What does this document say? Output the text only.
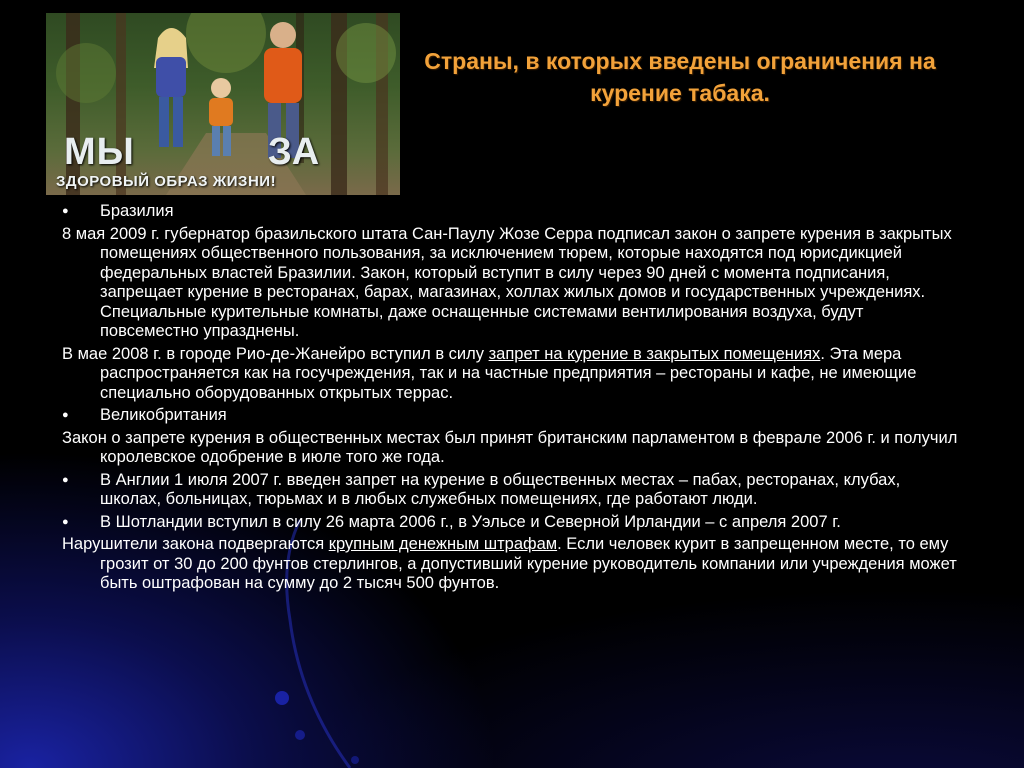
МЫ	ЗА
ЗДОРОВЫЙ ОБРАЗ ЖИЗНИ!
Страны, в которых введены ограничения на курение табака.
● Бразилия
8 мая 2009 г. губернатор бразильского штата Сан-Паулу Жозе Серра подписал закон о запрете курения в закрытых помещениях общественного пользования, за исключением тюрем, которые находятся под юрисдикцией федеральных властей Бразилии. Закон, который вступит в силу через 90 дней с момента подписания, запрещает курение в ресторанах, барах, магазинах, холлах жилых домов и государственных учреждениях. Специальные курительные комнаты, даже оснащенные системами вентилирования воздуха, будут повсеместно упразднены.
В мае 2008 г. в городе Рио-де-Жанейро вступил в силу запрет на курение в закрытых помещениях. Эта мера распространяется как на госучреждения, так и на частные предприятия – рестораны и кафе, не имеющие специально оборудованных открытых террас.
● Великобритания
Закон о запрете курения в общественных местах был принят британским парламентом в феврале 2006 г. и получил королевское одобрение в июле того же года.
● В Англии 1 июля 2007 г. введен запрет на курение в общественных местах – пабах, ресторанах, клубах, школах, больницах, тюрьмах и в любых служебных помещениях, где работают люди.
● В Шотландии вступил в силу 26 марта 2006 г., в Уэльсе и Северной Ирландии – с апреля 2007 г.
Нарушители закона подвергаются крупным денежным штрафам. Если человек курит в запрещенном месте, то ему грозит от 30 до 200 фунтов стерлингов, а допустивший курение руководитель компании или учреждения может быть оштрафован на сумму до 2 тысяч 500 фунтов.
